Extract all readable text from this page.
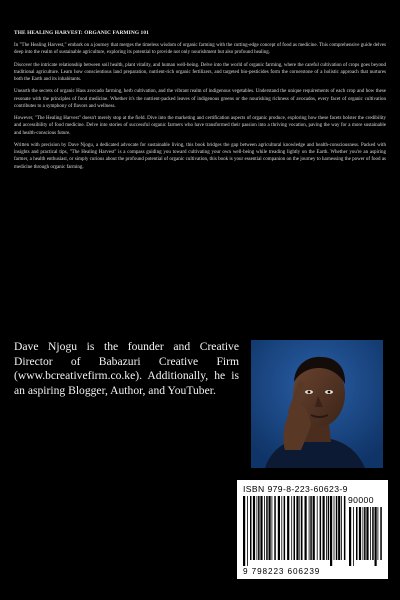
THE HEALING HARVEST: ORGANIC FARMING 101

In "The Healing Harvest," embark on a journey that merges the timeless wisdom of organic farming with the cutting-edge concept of food as medicine. This comprehensive guide delves deep into the realm of sustainable agriculture, exploring its potential to provide not only nourishment but also profound healing.

Discover the intricate relationship between soil health, plant vitality, and human well-being. Delve into the world of organic farming, where the careful cultivation of crops goes beyond traditional agriculture. Learn how conscientious land preparation, nutrient-rich organic fertilizers, and targeted bio-pesticides form the cornerstone of a holistic approach that nurtures both the Earth and its inhabitants.

Unearth the secrets of organic Hass avocado farming, herb cultivation, and the vibrant realm of indigenous vegetables. Understand the unique requirements of each crop and how these resonate with the principles of food medicine. Whether it's the nutrient-packed leaves of indigenous greens or the nourishing richness of avocados, every facet of organic cultivation contributes to a symphony of flavors and wellness.

However, "The Healing Harvest" doesn't merely stop at the field. Dive into the marketing and certification aspects of organic produce, exploring how these facets bolster the credibility and accessibility of food medicine. Delve into stories of successful organic farmers who have transformed their passion into a thriving vocation, paving the way for a more sustainable and health-conscious future.

Written with precision by Dave Njogu, a dedicated advocate for sustainable living, this book bridges the gap between agricultural knowledge and health-consciousness. Packed with insights and practical tips, "The Healing Harvest" is a compass guiding you toward cultivating your own well-being while treading lightly on the Earth. Whether you're an aspiring farmer, a health enthusiast, or simply curious about the profound potential of organic cultivation, this book is your essential companion on the journey to harnessing the power of food as medicine through organic farming.

Dave Njogu is the founder and Creative Director of Babazuri Creative Firm (www.bcreativefirm.co.ke). Additionally, he is an aspiring Blogger, Author, and YouTuber.

ISBN 979-8-223-60623-9
90000
9 798223 606239
